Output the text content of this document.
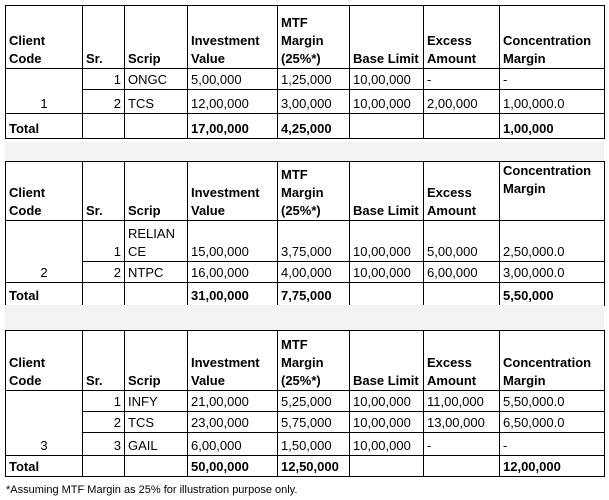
Client Code	Sr.	Scrip	Investment Value	MTF Margin (25%*)	Base Limit	Excess Amount	Concentration Margin
1	1	ONGC	5,00,000	1,25,000	10,00,000	-	-
	2	TCS	12,00,000	3,00,000	10,00,000	2,00,000	1,00,000.0
Total			17,00,000	4,25,000			1,00,000
Client Code	Sr.	Scrip	Investment Value	MTF Margin (25%*)	Base Limit	Excess Amount	Concentration Margin
2	1	RELIANCE	15,00,000	3,75,000	10,00,000	5,00,000	2,50,000.0
	2	NTPC	16,00,000	4,00,000	10,00,000	6,00,000	3,00,000.0
Total			31,00,000	7,75,000			5,50,000
Client Code	Sr.	Scrip	Investment Value	MTF Margin (25%*)	Base Limit	Excess Amount	Concentration Margin
3	1	INFY	21,00,000	5,25,000	10,00,000	11,00,000	5,50,000.0
	2	TCS	23,00,000	5,75,000	10,00,000	13,00,000	6,50,000.0
	3	GAIL	6,00,000	1,50,000	10,00,000	-	-
Total			50,00,000	12,50,000			12,00,000
*Assuming MTF Margin as 25% for illustration purpose only.
